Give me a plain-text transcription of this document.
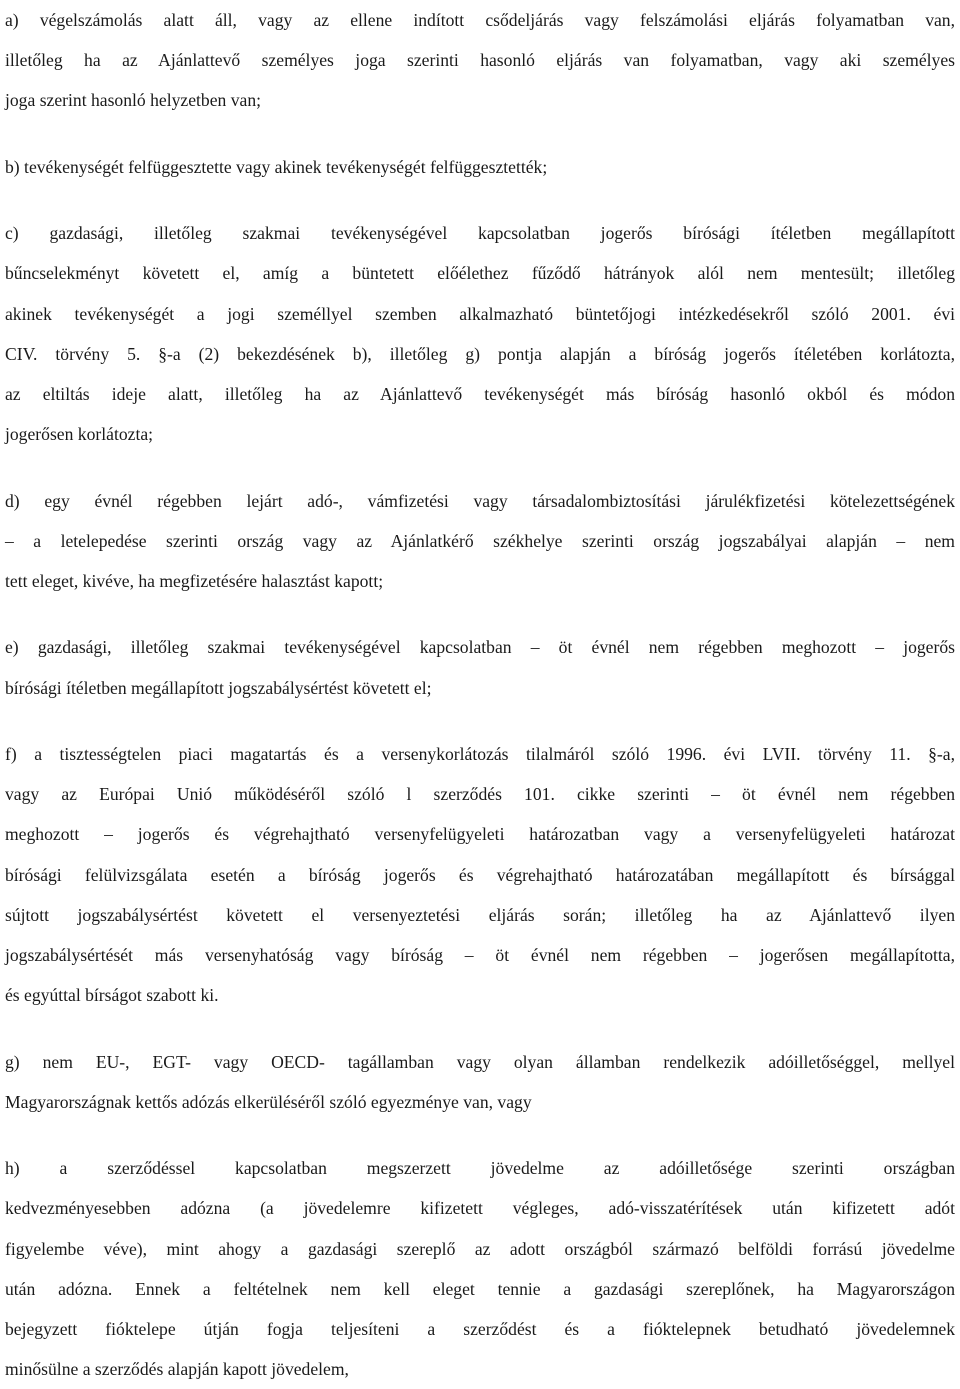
a) végelszámolás alatt áll, vagy az ellene indított csődeljárás vagy felszámolási eljárás folyamatban van,
illetőleg ha az Ajánlattevő személyes joga szerinti hasonló eljárás van folyamatban, vagy aki személyes
joga szerint hasonló helyzetben van;
b) tevékenységét felfüggesztette vagy akinek tevékenységét felfüggesztették;
c) gazdasági, illetőleg szakmai tevékenységével kapcsolatban jogerős bírósági ítéletben megállapított
bűncselekményt követett el, amíg a büntetett előélethez fűződő hátrányok alól nem mentesült; illetőleg
akinek tevékenységét a jogi személlyel szemben alkalmazható büntetőjogi intézkedésekről szóló 2001. évi
CIV. törvény 5. §-a (2) bekezdésének b), illetőleg g) pontja alapján a bíróság jogerős ítéletében korlátozta,
az eltiltás ideje alatt, illetőleg ha az Ajánlattevő tevékenységét más bíróság hasonló okból és módon
jogerősen korlátozta;
d) egy évnél régebben lejárt adó-, vámfizetési vagy társadalombiztosítási járulékfizetési kötelezettségének
– a letelepedése szerinti ország vagy az Ajánlatkérő székhelye szerinti ország jogszabályai alapján – nem
tett eleget, kivéve, ha megfizetésére halasztást kapott;
e) gazdasági, illetőleg szakmai tevékenységével kapcsolatban – öt évnél nem régebben meghozott – jogerős
bírósági ítéletben megállapított jogszabálysértést követett el;
f) a tisztességtelen piaci magatartás és a versenykorlátozás tilalmáról szóló 1996. évi LVII. törvény 11. §-a,
vagy az Európai Unió működéséről szóló l szerződés 101. cikke szerinti – öt évnél nem régebben
meghozott – jogerős és végrehajtható versenyfelügyeleti határozatban vagy a versenyfelügyeleti határozat
bírósági felülvizsgálata esetén a bíróság jogerős és végrehajtható határozatában megállapított és bírsággal
sújtott jogszabálysértést követett el versenyeztetési eljárás során; illetőleg ha az Ajánlattevő ilyen
jogszabálysértését más versenyhatóság vagy bíróság – öt évnél nem régebben – jogerősen megállapította,
és egyúttal bírságot szabott ki.
g) nem EU-, EGT- vagy OECD- tagállamban vagy olyan államban rendelkezik adóilletőséggel, mellyel
Magyarországnak kettős adózás elkerüléséről szóló egyezménye van, vagy
h) a szerződéssel kapcsolatban megszerzett jövedelme az adóilletősége szerinti országban
kedvezményesebben adózna (a jövedelemre kifizetett végleges, adó-visszatérítések után kifizetett adót
figyelembe véve), mint ahogy a gazdasági szereplő az adott országból származó belföldi forrású jövedelme
után adózna. Ennek a feltételnek nem kell eleget tennie a gazdasági szereplőnek, ha Magyarországon
bejegyzett fióktelepe útján fogja teljesíteni a szerződést és a fióktelepnek betudható jövedelemnek
minősülne a szerződés alapján kapott jövedelem,
